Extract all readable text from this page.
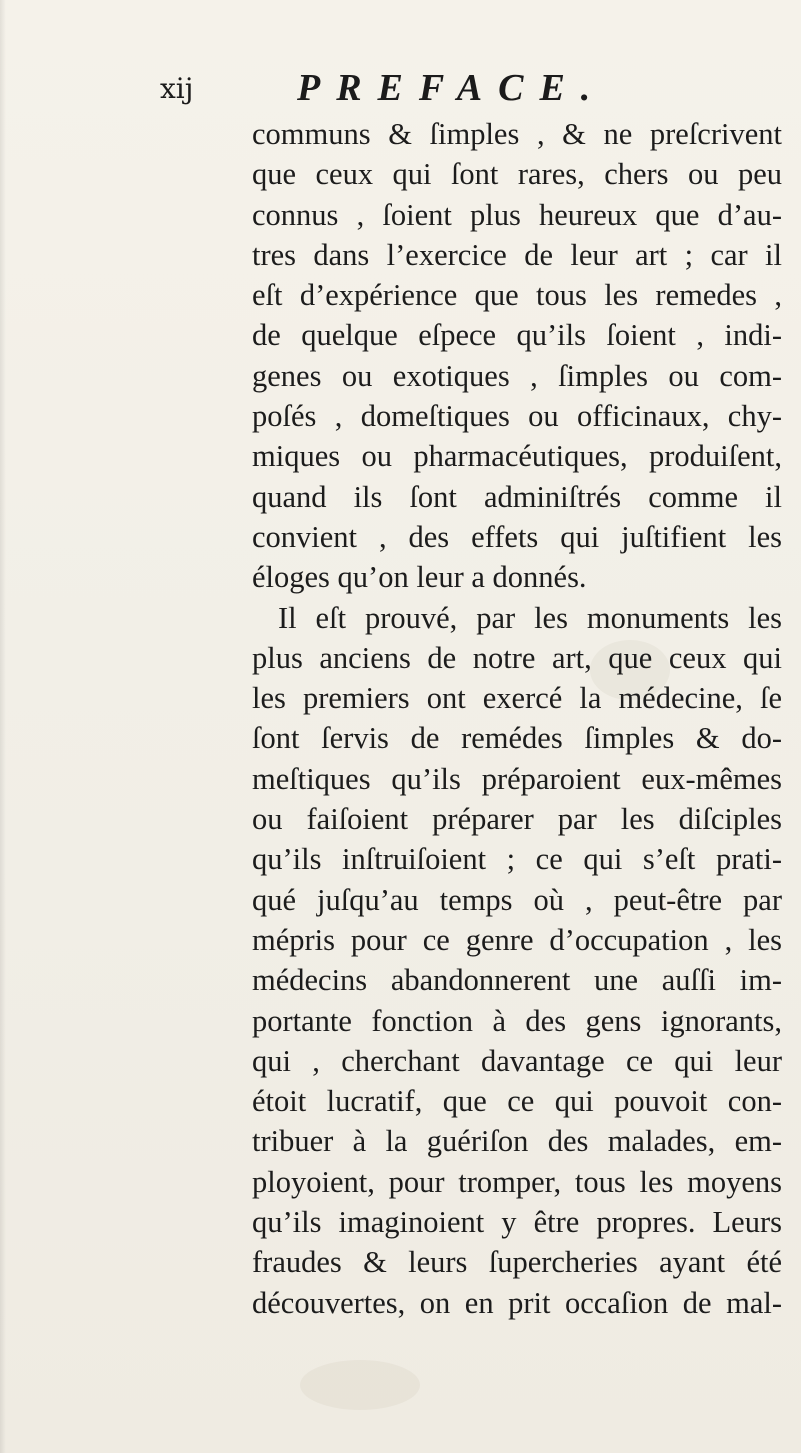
xij	PREFACE.
communs & ſimples , & ne preſcrivent
que ceux qui ſont rares, chers ou peu
connus , ſoient plus heureux que d’au-
tres dans l’exercice de leur art ; car il
eſt d’expérience que tous les remedes ,
de quelque eſpece qu’ils ſoient , indi-
genes ou exotiques , ſimples ou com-
poſés , domeſtiques ou officinaux, chy-
miques ou pharmacéutiques, produiſent,
quand ils ſont adminiſtrés comme il
convient , des effets qui juſtifient les
éloges qu’on leur a donnés.
Il eſt prouvé, par les monuments les
plus anciens de notre art, que ceux qui
les premiers ont exercé la médecine, ſe
ſont ſervis de remédes ſimples & do-
meſtiques qu’ils préparoient eux-mêmes
ou faiſoient préparer par les diſciples
qu’ils inſtruiſoient ; ce qui s’eſt prati-
qué juſqu’au temps où , peut-être par
mépris pour ce genre d’occupation , les
médecins abandonnerent une auſſi im-
portante fonction à des gens ignorants,
qui , cherchant davantage ce qui leur
étoit lucratif, que ce qui pouvoit con-
tribuer à la guériſon des malades, em-
ployoient, pour tromper, tous les moyens
qu’ils imaginoient y être propres. Leurs
fraudes & leurs ſupercheries ayant été
découvertes, on en prit occaſion de mal-
